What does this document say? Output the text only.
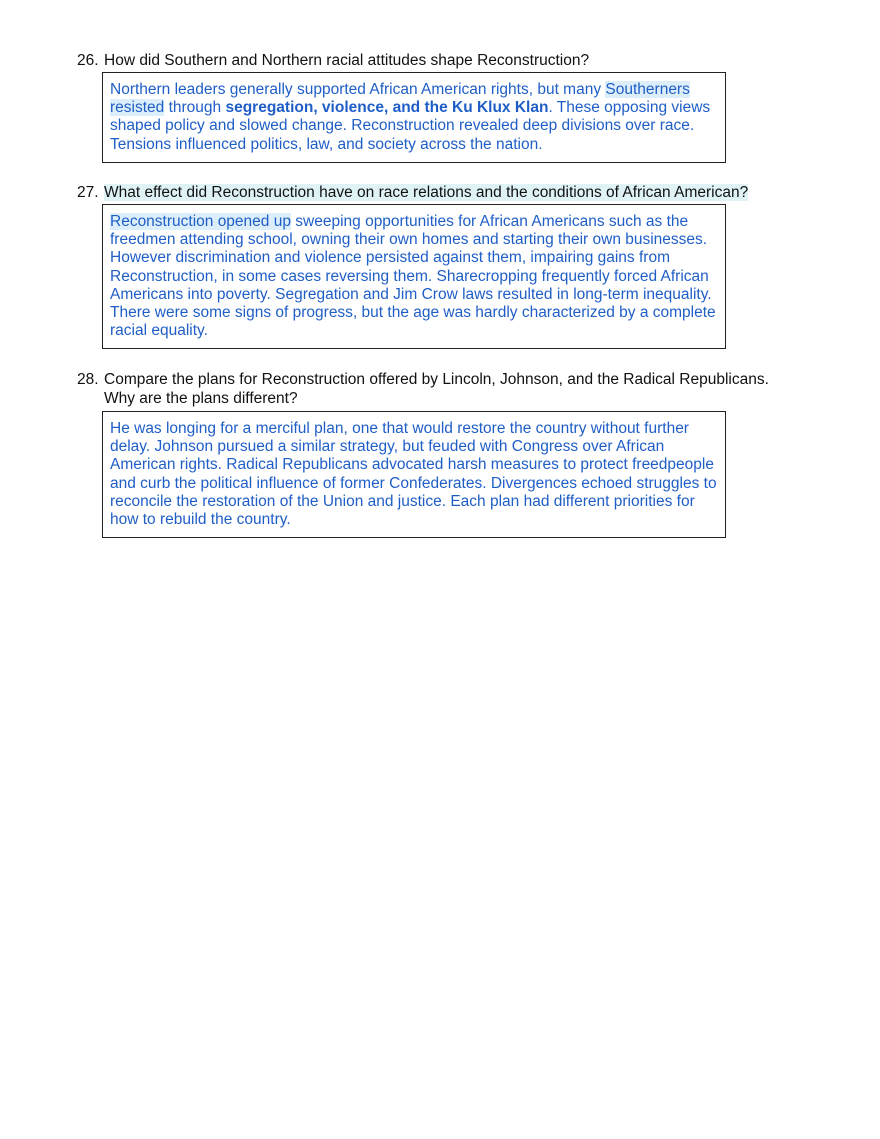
26. How did Southern and Northern racial attitudes shape Reconstruction?
Northern leaders generally supported African American rights, but many Southerners resisted through segregation, violence, and the Ku Klux Klan. These opposing views shaped policy and slowed change. Reconstruction revealed deep divisions over race. Tensions influenced politics, law, and society across the nation.
27. What effect did Reconstruction have on race relations and the conditions of African American?
Reconstruction opened up sweeping opportunities for African Americans such as the freedmen attending school, owning their own homes and starting their own businesses. However discrimination and violence persisted against them, impairing gains from Reconstruction, in some cases reversing them. Sharecropping frequently forced African Americans into poverty. Segregation and Jim Crow laws resulted in long-term inequality. There were some signs of progress, but the age was hardly characterized by a complete racial equality.
28. Compare the plans for Reconstruction offered by Lincoln, Johnson, and the Radical Republicans.
Why are the plans different?
He was longing for a merciful plan, one that would restore the country without further delay. Johnson pursued a similar strategy, but feuded with Congress over African American rights. Radical Republicans advocated harsh measures to protect freedpeople and curb the political influence of former Confederates. Divergences echoed struggles to reconcile the restoration of the Union and justice. Each plan had different priorities for how to rebuild the country.
